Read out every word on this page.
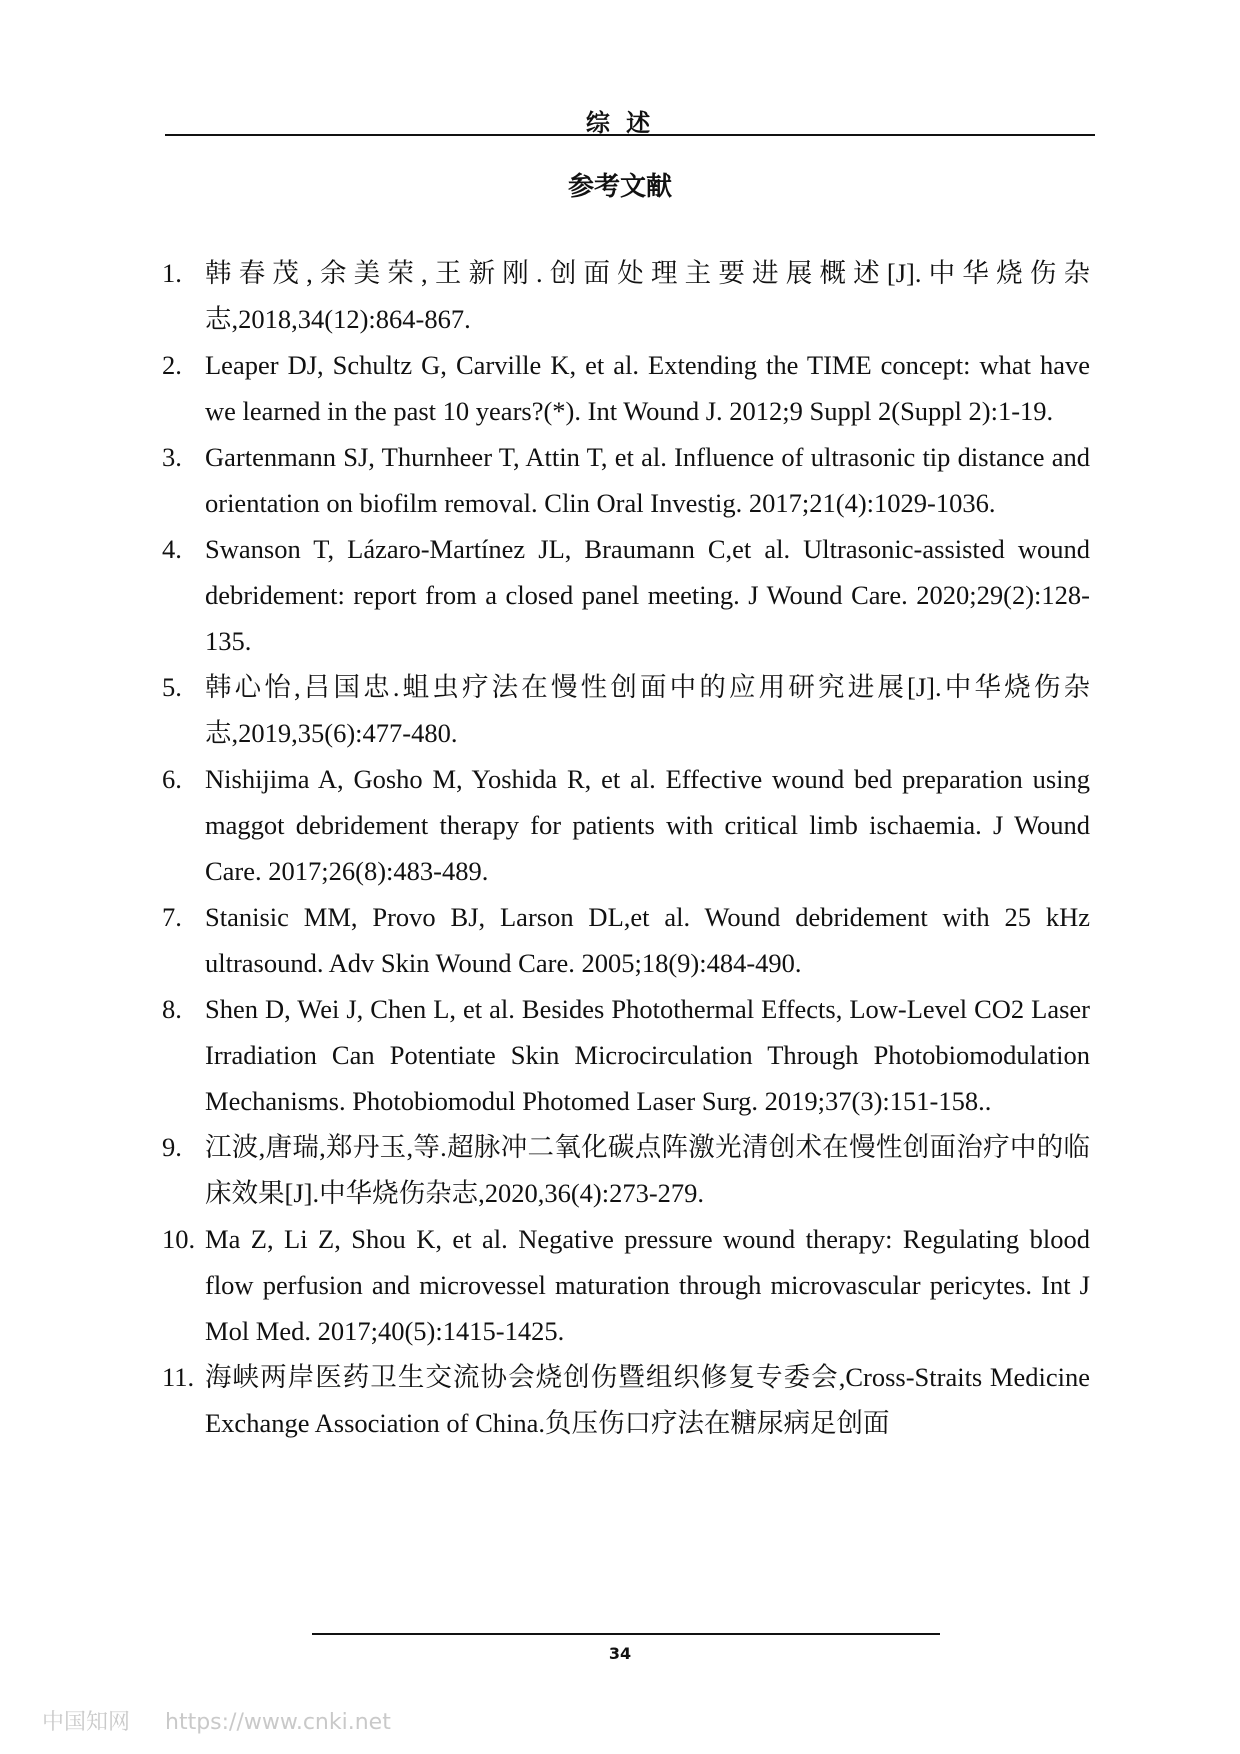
综 述
参考文献
1. 韩春茂,余美荣,王新刚.创面处理主要进展概述[J].中华烧伤杂志,2018,34(12):864-867.
2. Leaper DJ, Schultz G, Carville K, et al. Extending the TIME concept: what have we learned in the past 10 years?(*). Int Wound J. 2012;9 Suppl 2(Suppl 2):1-19.
3. Gartenmann SJ, Thurnheer T, Attin T, et al. Influence of ultrasonic tip distance and orientation on biofilm removal. Clin Oral Investig. 2017;21(4):1029-1036.
4. Swanson T, Lázaro-Martínez JL, Braumann C,et al. Ultrasonic-assisted wound debridement: report from a closed panel meeting. J Wound Care. 2020;29(2):128-135.
5. 韩心怡,吕国忠.蛆虫疗法在慢性创面中的应用研究进展[J].中华烧伤杂志,2019,35(6):477-480.
6. Nishijima A, Gosho M, Yoshida R, et al. Effective wound bed preparation using maggot debridement therapy for patients with critical limb ischaemia. J Wound Care. 2017;26(8):483-489.
7. Stanisic MM, Provo BJ, Larson DL,et al. Wound debridement with 25 kHz ultrasound. Adv Skin Wound Care. 2005;18(9):484-490.
8. Shen D, Wei J, Chen L, et al. Besides Photothermal Effects, Low-Level CO2 Laser Irradiation Can Potentiate Skin Microcirculation Through Photobiomodulation Mechanisms. Photobiomodul Photomed Laser Surg. 2019;37(3):151-158..
9. 江波,唐瑞,郑丹玉,等.超脉冲二氧化碳点阵激光清创术在慢性创面治疗中的临床效果[J].中华烧伤杂志,2020,36(4):273-279.
10. Ma Z, Li Z, Shou K, et al. Negative pressure wound therapy: Regulating blood flow perfusion and microvessel maturation through microvascular pericytes. Int J Mol Med. 2017;40(5):1415-1425.
11. 海峡两岸医药卫生交流协会烧创伤暨组织修复专委会,Cross-Straits Medicine Exchange Association of China.负压伤口疗法在糖尿病足创面
34
中国知网 https://www.cnki.net
